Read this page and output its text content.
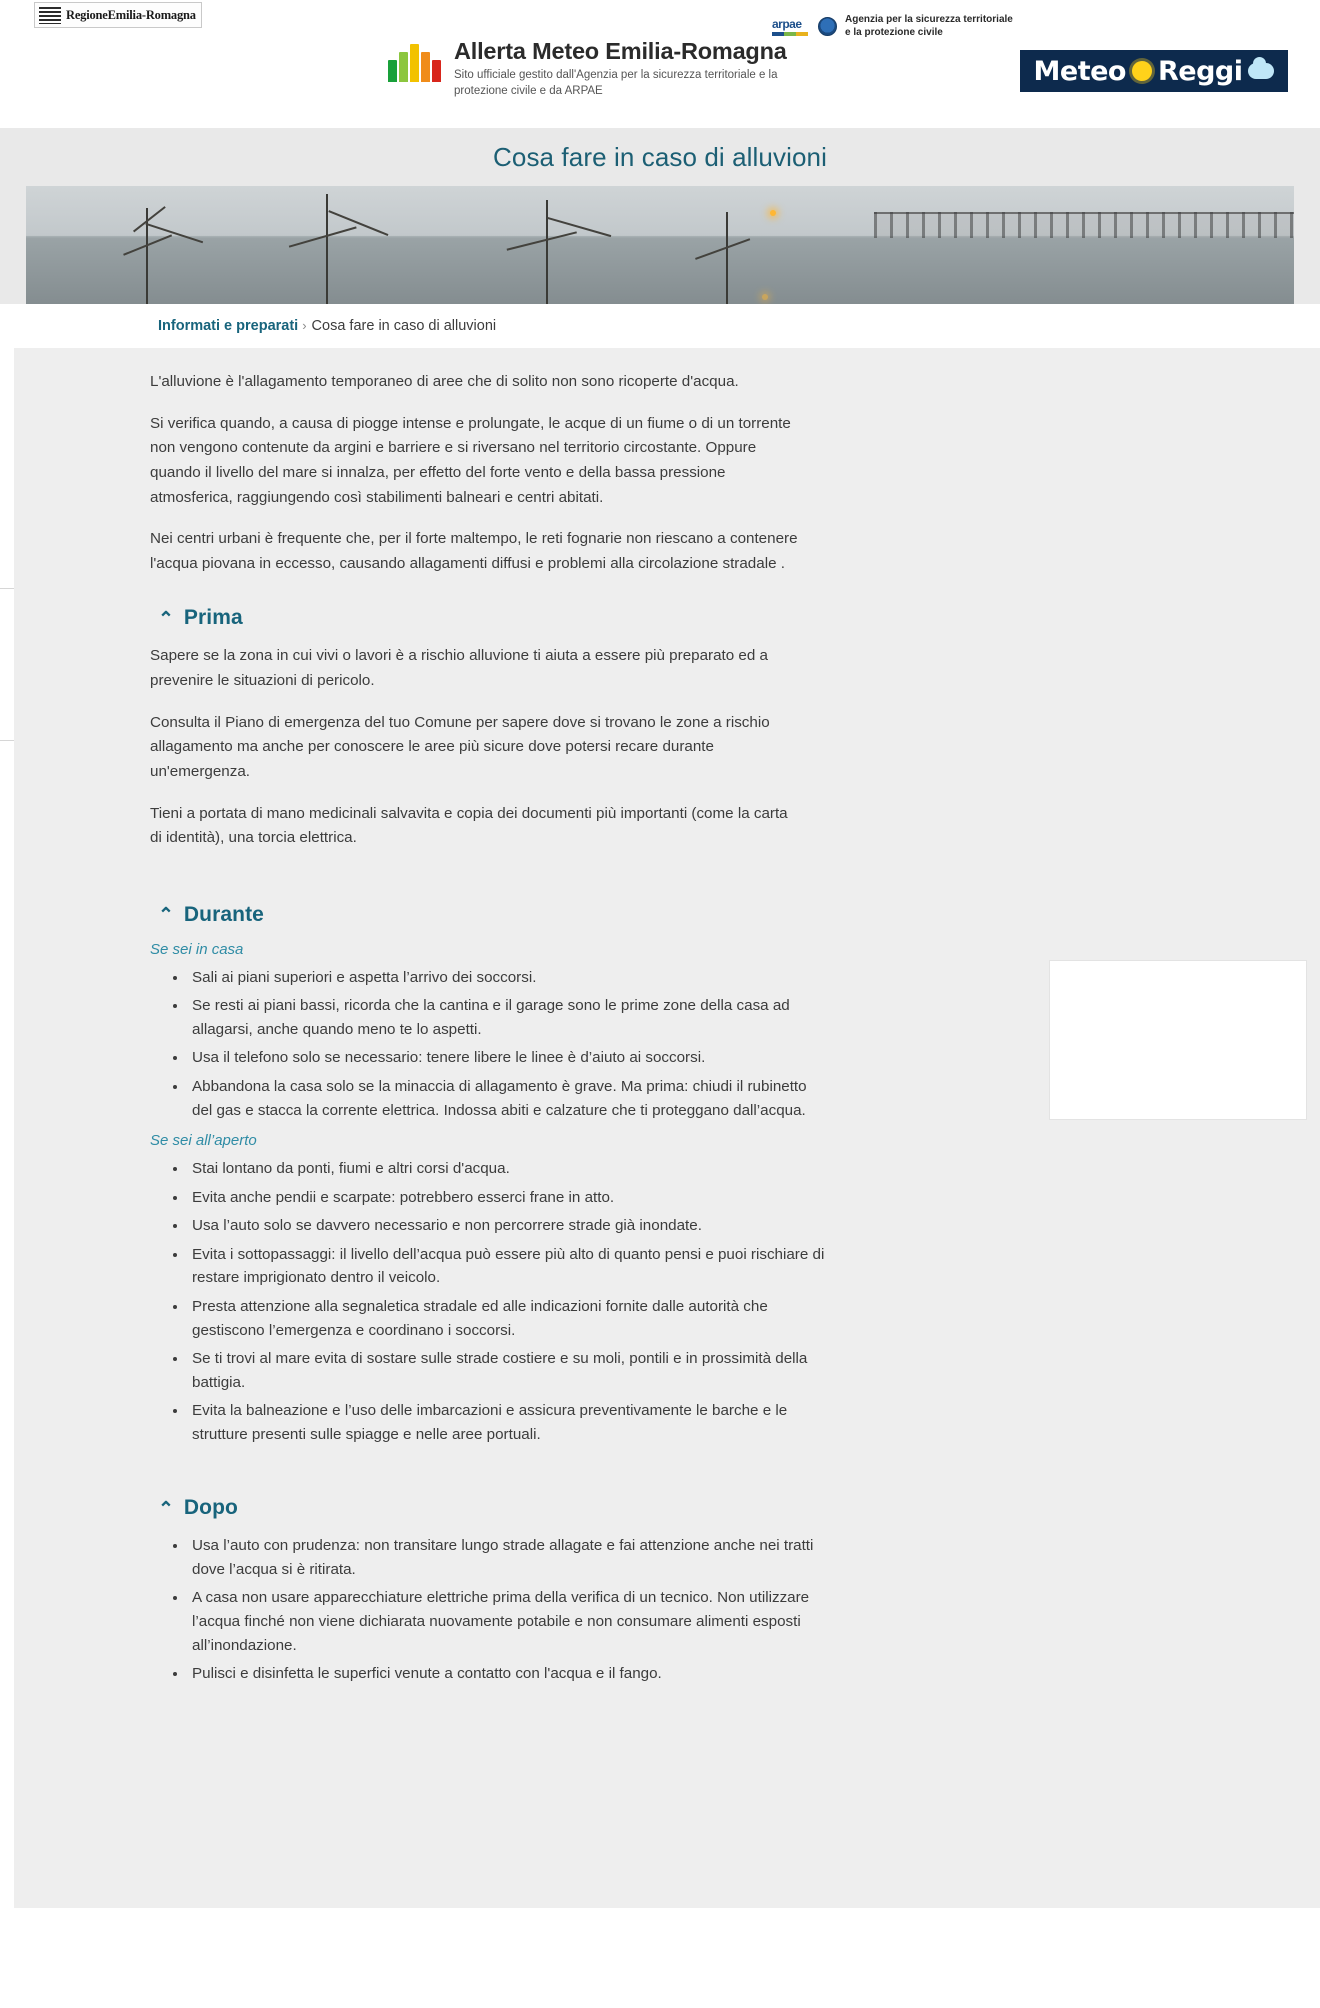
RegioneEmilia-Romagna
Allerta Meteo Emilia-Romagna
Sito ufficiale gestito dall'Agenzia per la sicurezza territoriale e la protezione civile e da ARPAE
arpae	Agenzia per la sicurezza territoriale e la protezione civile
Meteo Reggi
Cosa fare in caso di alluvioni
Informati e preparati › Cosa fare in caso di alluvioni

L'alluvione è l'allagamento temporaneo di aree che di solito non sono ricoperte d'acqua.

Si verifica quando, a causa di piogge intense e prolungate, le acque di un fiume o di un torrente non vengono contenute da argini e barriere e si riversano nel territorio circostante. Oppure quando il livello del mare si innalza, per effetto del forte vento e della bassa pressione atmosferica, raggiungendo così stabilimenti balneari e centri abitati.

Nei centri urbani è frequente che, per il forte maltempo, le reti fognarie non riescano a contenere l'acqua piovana in eccesso, causando allagamenti diffusi e problemi alla circolazione stradale .

⌃ Prima

Sapere se la zona in cui vivi o lavori è a rischio alluvione ti aiuta a essere più preparato ed a prevenire le situazioni di pericolo.

Consulta il Piano di emergenza del tuo Comune per sapere dove si trovano le zone a rischio allagamento ma anche per conoscere le aree più sicure dove potersi recare durante un'emergenza.

Tieni a portata di mano medicinali salvavita e copia dei documenti più importanti (come la carta di identità), una torcia elettrica.

⌃ Durante
Se sei in casa
• Sali ai piani superiori e aspetta l’arrivo dei soccorsi.
• Se resti ai piani bassi, ricorda che la cantina e il garage sono le prime zone della casa ad allagarsi, anche quando meno te lo aspetti.
• Usa il telefono solo se necessario: tenere libere le linee è d’aiuto ai soccorsi.
• Abbandona la casa solo se la minaccia di allagamento è grave. Ma prima: chiudi il rubinetto del gas e stacca la corrente elettrica. Indossa abiti e calzature che ti proteggano dall’acqua.
Se sei all’aperto
• Stai lontano da ponti, fiumi e altri corsi d'acqua.
• Evita anche pendii e scarpate: potrebbero esserci frane in atto.
• Usa l’auto solo se davvero necessario e non percorrere strade già inondate.
• Evita i sottopassaggi: il livello dell’acqua può essere più alto di quanto pensi e puoi rischiare di restare imprigionato dentro il veicolo.
• Presta attenzione alla segnaletica stradale ed alle indicazioni fornite dalle autorità che gestiscono l’emergenza e coordinano i soccorsi.
• Se ti trovi al mare evita di sostare sulle strade costiere e su moli, pontili e in prossimità della battigia.
• Evita la balneazione e l’uso delle imbarcazioni e assicura preventivamente le barche e le strutture presenti sulle spiagge e nelle aree portuali.
⌃ Dopo
• Usa l’auto con prudenza: non transitare lungo strade allagate e fai attenzione anche nei tratti dove l’acqua si è ritirata.
• A casa non usare apparecchiature elettriche prima della verifica di un tecnico. Non utilizzare l’acqua finché non viene dichiarata nuovamente potabile e non consumare alimenti esposti all’inondazione.
• Pulisci e disinfetta le superfici venute a contatto con l'acqua e il fango.
